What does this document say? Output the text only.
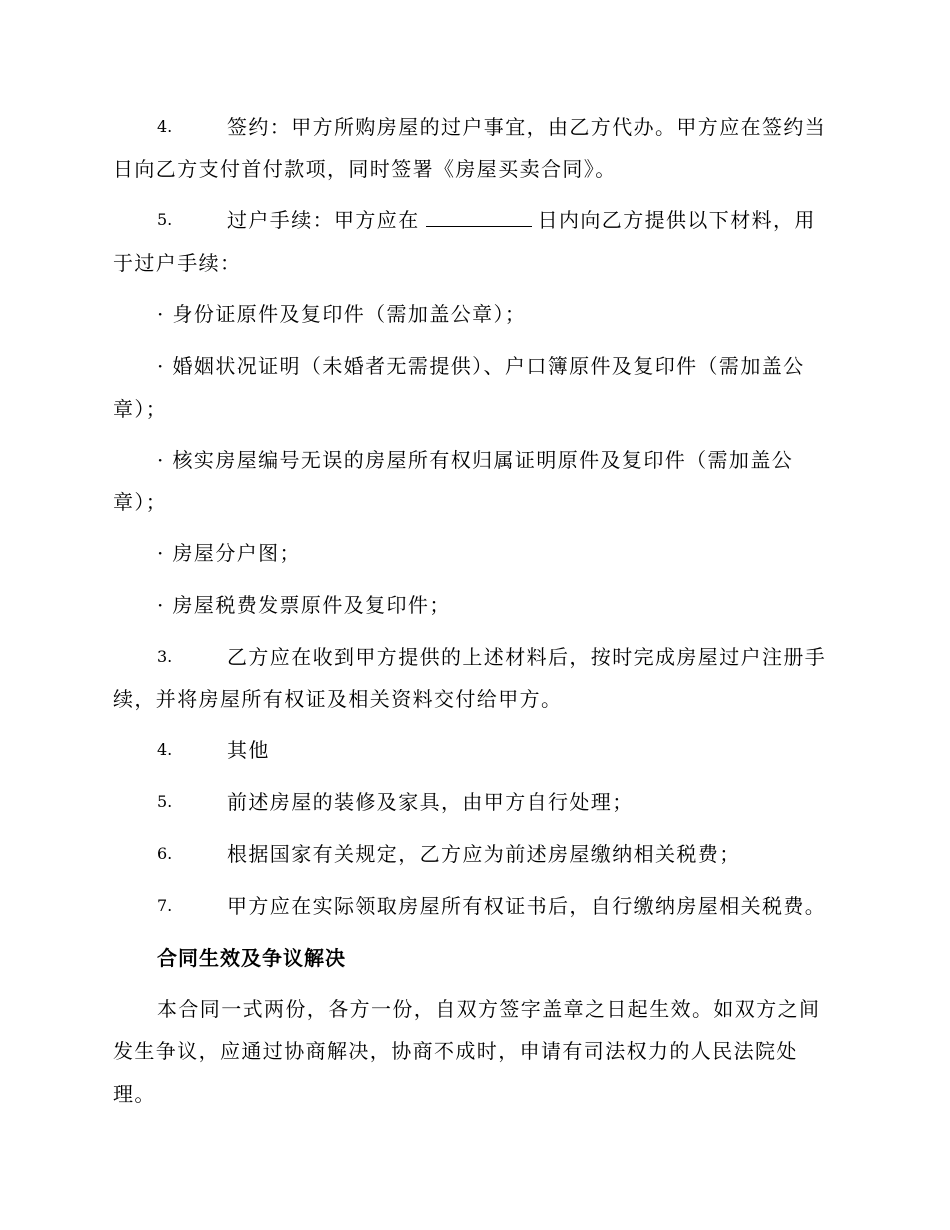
4.	签约：甲方所购房屋的过户事宜，由乙方代办。甲方应在签约当
日向乙方支付首付款项，同时签署《房屋买卖合同》。
5.	过户手续：甲方应在	日内向乙方提供以下材料，用
于过户手续：
· 身份证原件及复印件（需加盖公章）；
· 婚姻状况证明（未婚者无需提供）、户口簿原件及复印件（需加盖公
章）；
· 核实房屋编号无误的房屋所有权归属证明原件及复印件（需加盖公
章）；
· 房屋分户图；
· 房屋税费发票原件及复印件；
3.	乙方应在收到甲方提供的上述材料后，按时完成房屋过户注册手
续，并将房屋所有权证及相关资料交付给甲方。
4.	其他
5.	前述房屋的装修及家具，由甲方自行处理；
6.	根据国家有关规定，乙方应为前述房屋缴纳相关税费；
7.	甲方应在实际领取房屋所有权证书后，自行缴纳房屋相关税费。
合同生效及争议解决
本合同一式两份，各方一份，自双方签字盖章之日起生效。如双方之间
发生争议，应通过协商解决，协商不成时，申请有司法权力的人民法院处
理。
